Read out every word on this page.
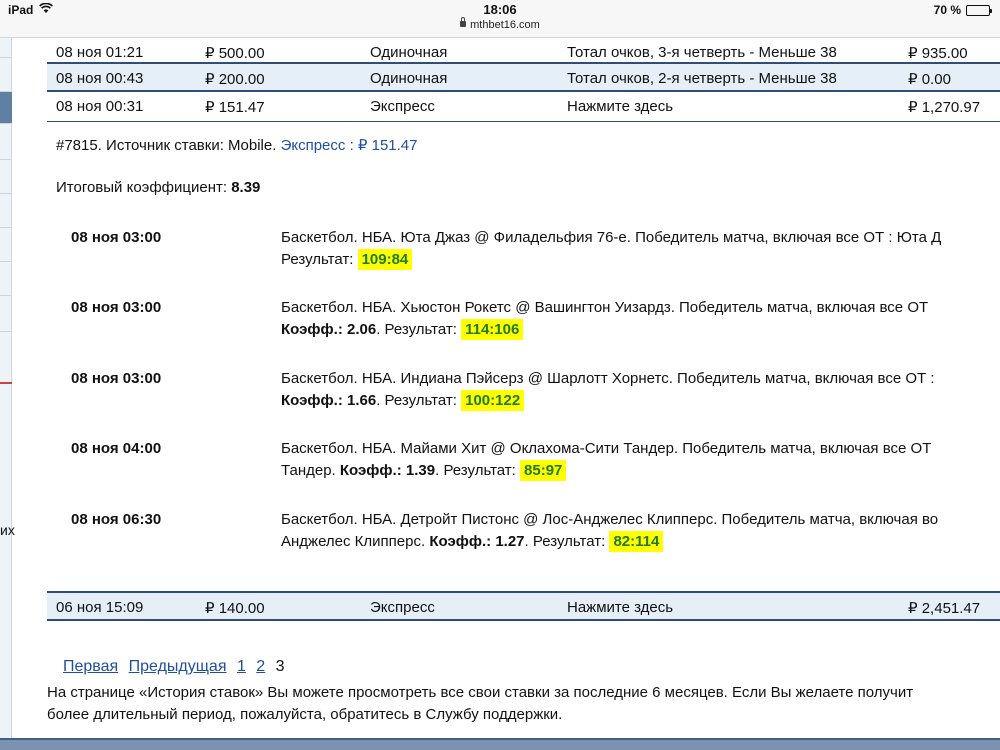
iPad	18:06
mthbet16.com
70 %
их
08 ноя 01:21	₽ 500.00	Одиночная	Тотал очков, 3-я четверть - Меньше 38	₽ 935.00
08 ноя 00:43	₽ 200.00	Одиночная	Тотал очков, 2-я четверть - Меньше 38	₽ 0.00
08 ноя 00:31	₽ 151.47	Экспресс	Нажмите здесь	₽ 1,270.97
#7815. Источник ставки: Mobile. Экспресс : ₽ 151.47
Итоговый коэффициент: 8.39
08 ноя 03:00	Баскетбол. НБА. Юта Джаз @ Филадельфия 76-е. Победитель матча, включая все ОТ : Юта Д
Результат: 109:84
08 ноя 03:00	Баскетбол. НБА. Хьюстон Рокетс @ Вашингтон Уизардз. Победитель матча, включая все ОТ
Коэфф.: 2.06. Результат: 114:106
08 ноя 03:00	Баскетбол. НБА. Индиана Пэйсерз @ Шарлотт Хорнетс. Победитель матча, включая все ОТ :
Коэфф.: 1.66. Результат: 100:122
08 ноя 04:00	Баскетбол. НБА. Майами Хит @ Оклахома-Сити Тандер. Победитель матча, включая все ОТ
Тандер. Коэфф.: 1.39. Результат: 85:97
08 ноя 06:30	Баскетбол. НБА. Детройт Пистонс @ Лос-Анджелес Клипперс. Победитель матча, включая во
Анджелес Клипперс. Коэфф.: 1.27. Результат: 82:114
06 ноя 15:09	₽ 140.00	Экспресс	Нажмите здесь	₽ 2,451.47
Первая Предыдущая 1 2 3
На странице «История ставок» Вы можете просмотреть все свои ставки за последние 6 месяцев. Если Вы желаете получит
более длительный период, пожалуйста, обратитесь в Службу поддержки.
